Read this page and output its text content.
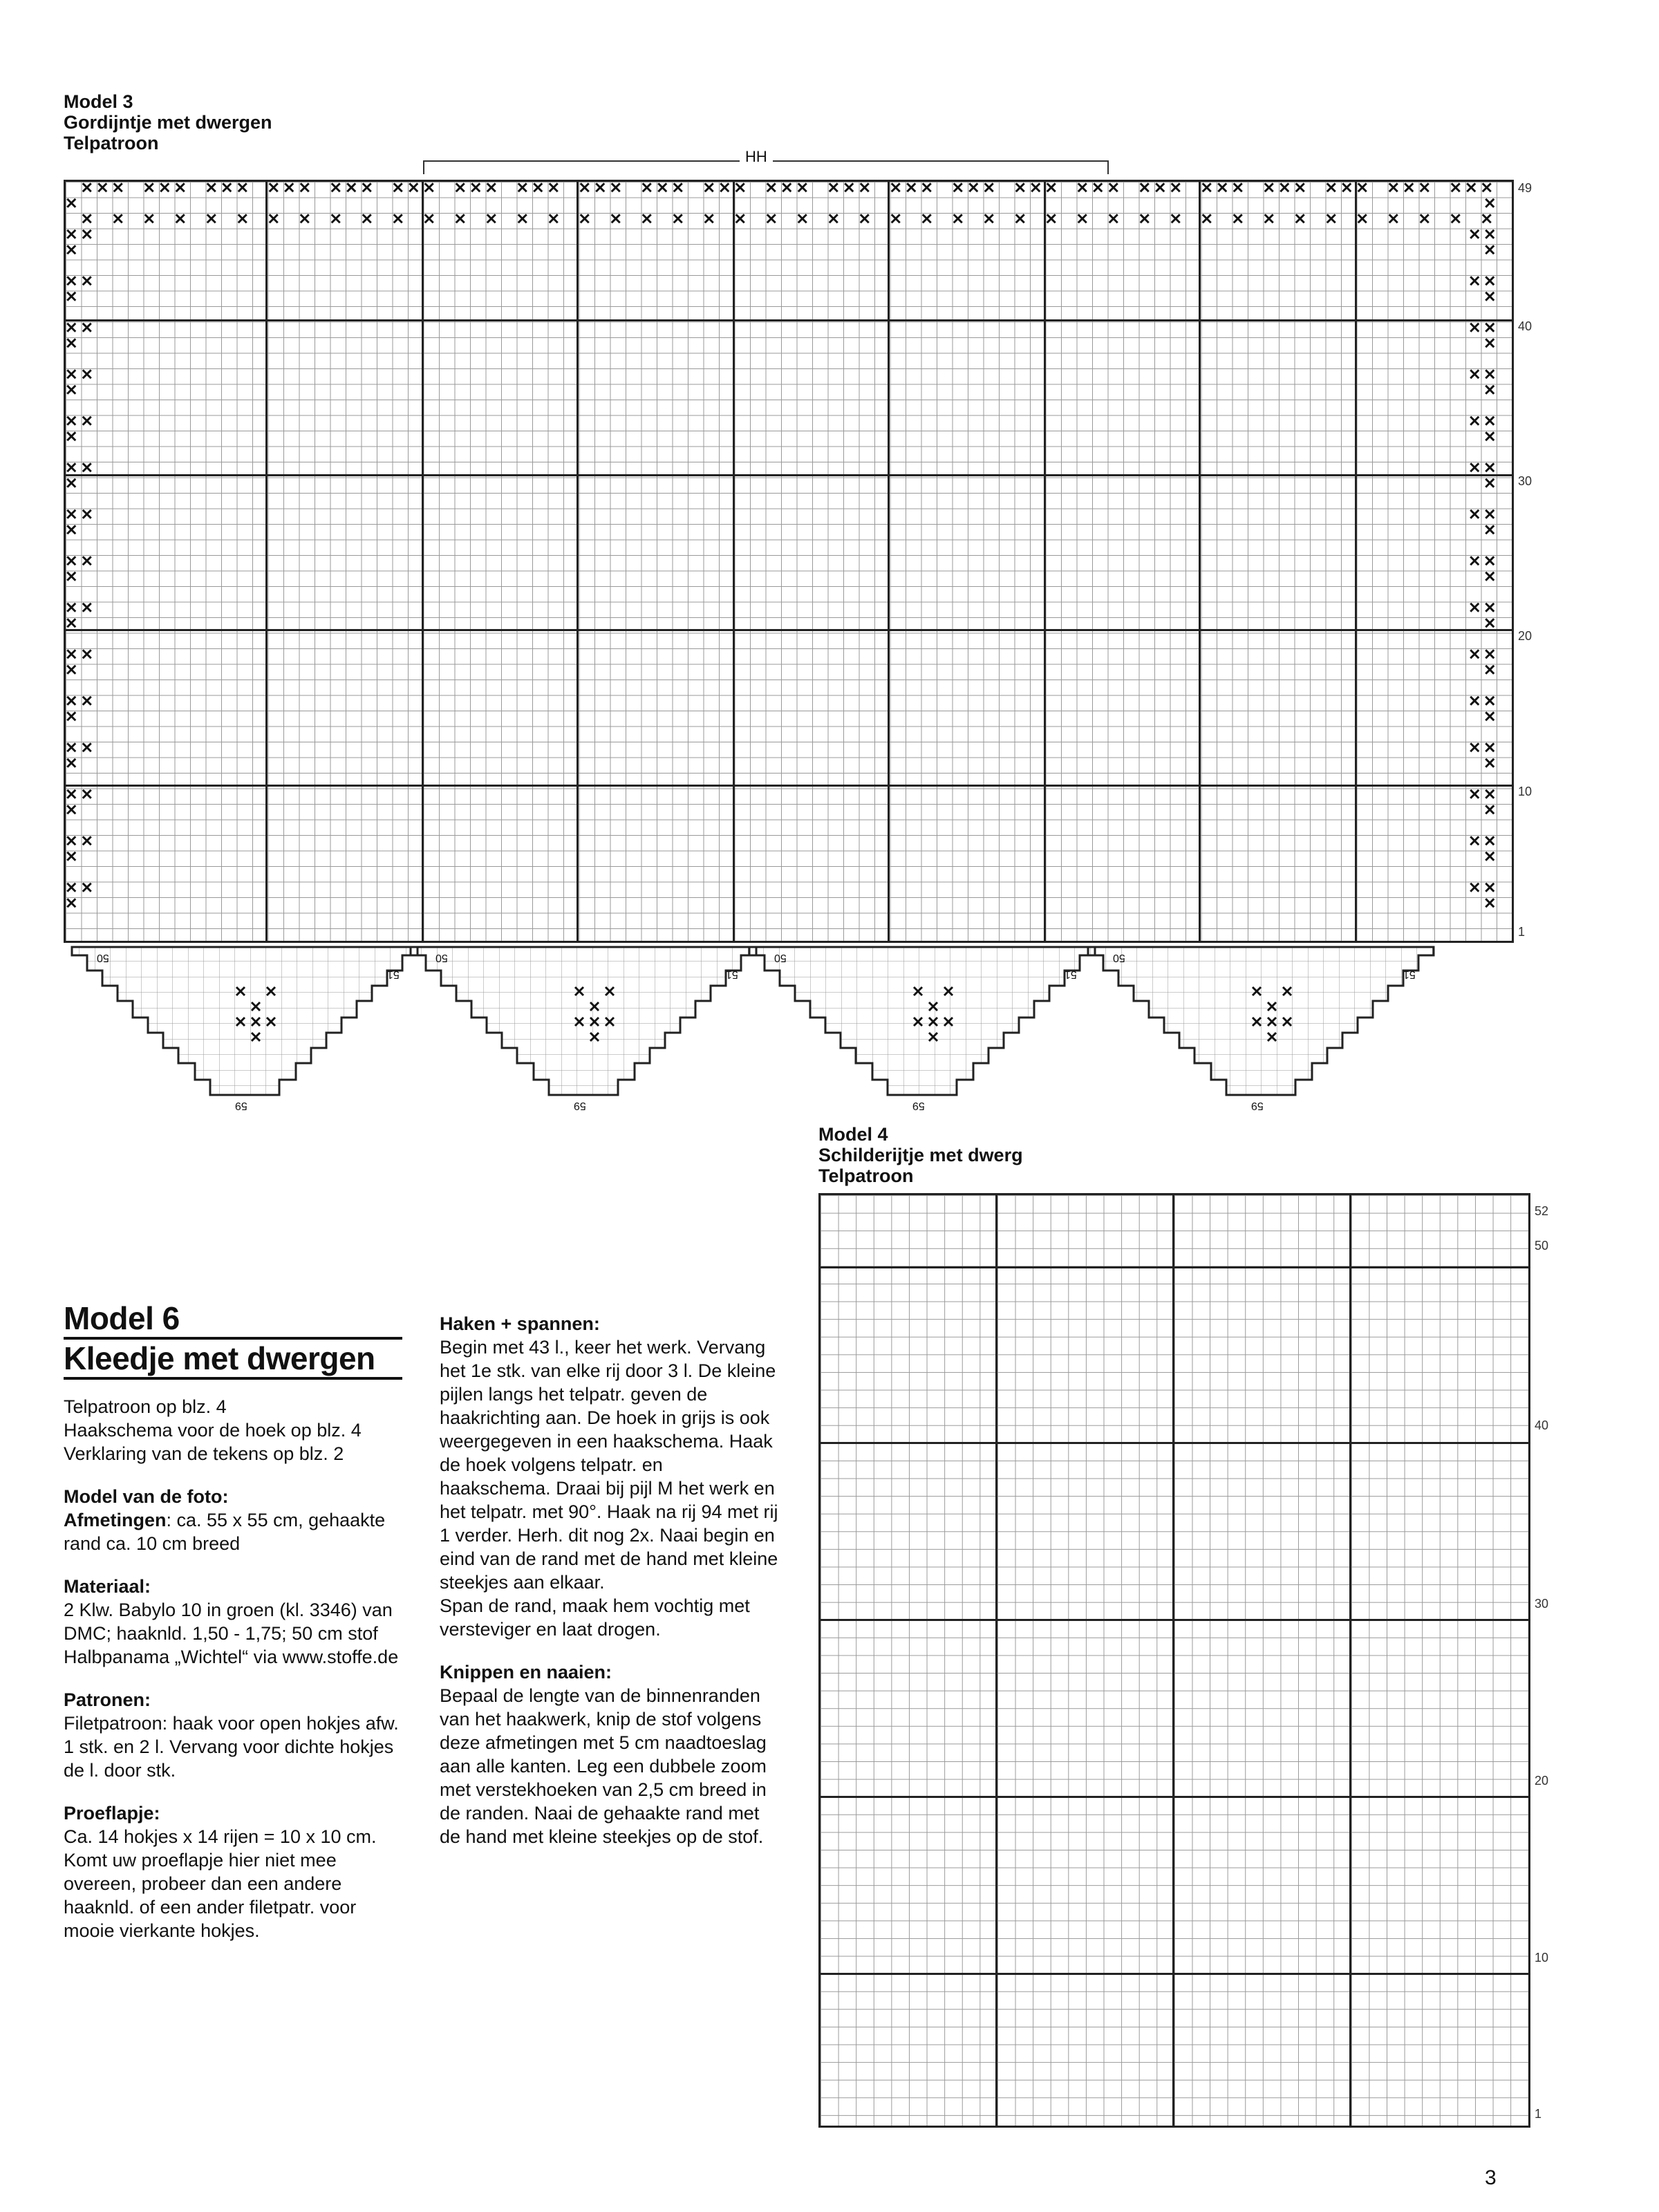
Model 3
Gordijntje met dwergen
Telpatroon
HH
49
40
30
20
10
1
50
51
50
51
50
51
50
51
59	59	59	59
Model 4
Schilderijtje met dwerg
Telpatroon
52
50
40
30
20
10
1
Model 6
Kleedje met dwergen
Telpatroon op blz. 4
Haakschema voor de hoek op blz. 4
Verklaring van de tekens op blz. 2
Model van de foto:
Afmetingen: ca. 55 x 55 cm, gehaakte rand ca. 10 cm breed
Materiaal:
2 Klw. Babylo 10 in groen (kl. 3346) van DMC; haaknld. 1,50 - 1,75; 50 cm stof Halbpanama „Wichtel“ via www.stoffe.de
Patronen:
Filetpatroon: haak voor open hokjes afw. 1 stk. en 2 l. Vervang voor dichte hokjes de l. door stk.
Proeflapje:
Ca. 14 hokjes x 14 rijen = 10 x 10 cm. Komt uw proeflapje hier niet mee overeen, probeer dan een andere haaknld. of een ander filetpatr. voor mooie vierkante hokjes.
Haken + spannen:
Begin met 43 l., keer het werk. Vervang het 1e stk. van elke rij door 3 l. De kleine pijlen langs het telpatr. geven de haakrichting aan. De hoek in grijs is ook weergegeven in een haakschema. Haak de hoek volgens telpatr. en haakschema. Draai bij pijl M het werk en het telpatr. met 90°. Haak na rij 94 met rij 1 verder. Herh. dit nog 2x. Naai begin en eind van de rand met de hand met kleine steekjes aan elkaar.
Span de rand, maak hem vochtig met versteviger en laat drogen.
Knippen en naaien:
Bepaal de lengte van de binnenranden van het haakwerk, knip de stof volgens deze afmetingen met 5 cm naadtoeslag aan alle kanten. Leg een dubbele zoom met verstekhoeken van 2,5 cm breed in de randen. Naai de gehaakte rand met de hand met kleine steekjes op de stof.
3
